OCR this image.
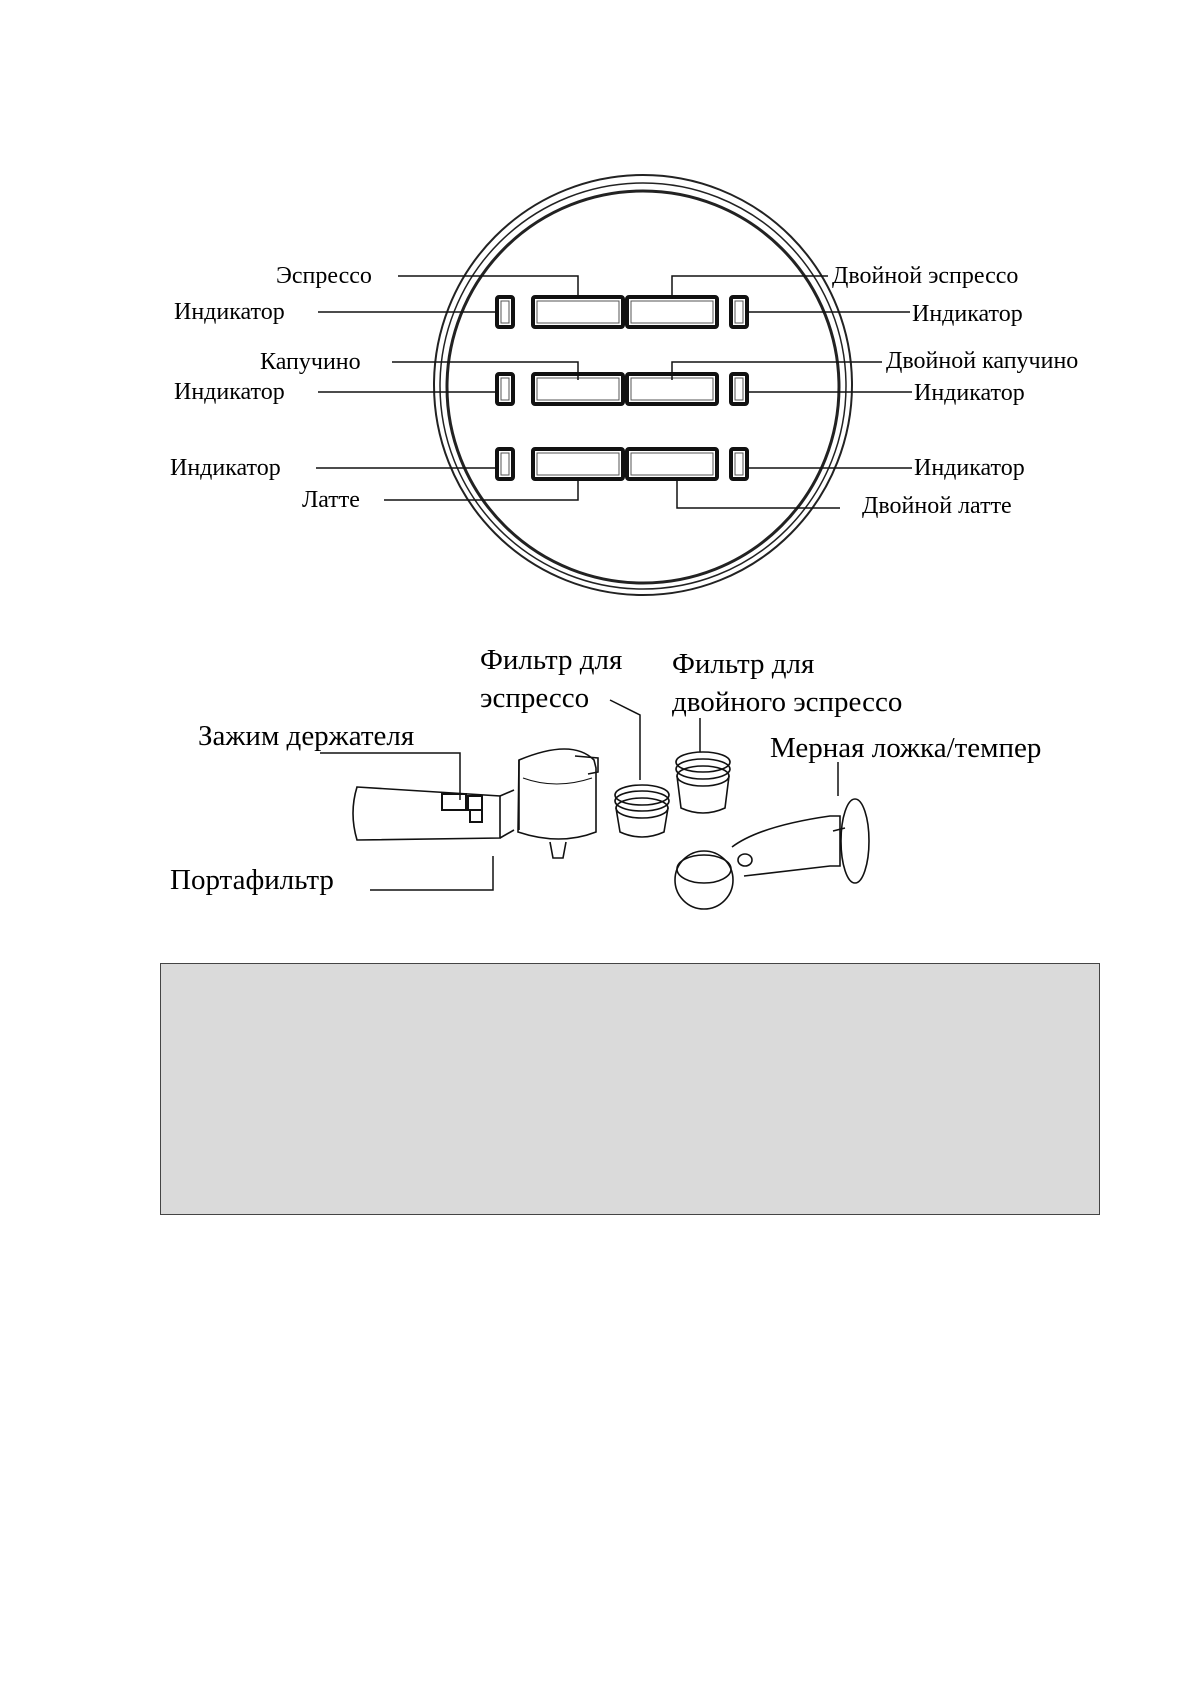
Эспрессо	Двойной эспрессо
Индикатор	Индикатор
Капучино	Двойной капучино
Индикатор	Индикатор
Индикатор	Индикатор
Латте	Двойной латте
Фильтр для
эспрессо
Фильтр для
двойного эспрессо
Зажим держателя	Мерная ложка/темпер
Портафильтр
